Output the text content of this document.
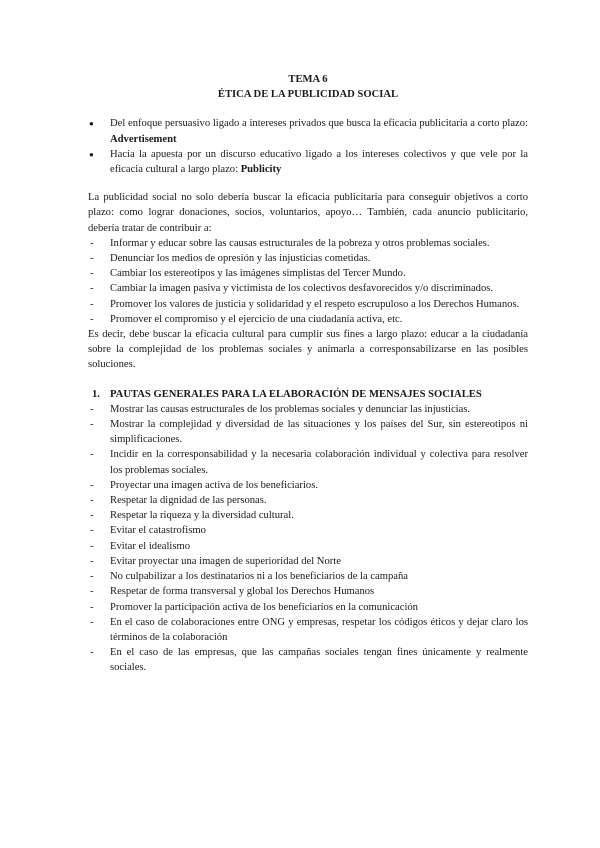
TEMA 6
ÉTICA DE LA PUBLICIDAD SOCIAL
● Del enfoque persuasivo ligado a intereses privados que busca la eficacia publicitaria a corto plazo: Advertisement
● Hacia la apuesta por un discurso educativo ligado a los intereses colectivos y que vele por la eficacia cultural a largo plazo: Publicity

La publicidad social no solo debería buscar la eficacia publicitaria para conseguir objetivos a corto plazo: como lograr donaciones, socios, voluntarios, apoyo… También, cada anuncio publicitario, debería tratar de contribuir a:

- Informar y educar sobre las causas estructurales de la pobreza y otros problemas sociales.
- Denunciar los medios de opresión y las injusticias cometidas.
- Cambiar los estereotipos y las imágenes simplistas del Tercer Mundo.
- Cambiar la imagen pasiva y victimista de los colectivos desfavorecidos y/o discriminados.
- Promover los valores de justicia y solidaridad y el respeto escrupuloso a los Derechos Humanos.
- Promover el compromiso y el ejercicio de una ciudadanía activa, etc.

Es decir, debe buscar la eficacia cultural para cumplir sus fines a largo plazo: educar a la ciudadanía sobre la complejidad de los problemas sociales y animarla a corresponsabilizarse en las posibles soluciones.

1. PAUTAS GENERALES PARA LA ELABORACIÓN DE MENSAJES SOCIALES
- Mostrar las causas estructurales de los problemas sociales y denunciar las injusticias.
- Mostrar la complejidad y diversidad de las situaciones y los países del Sur, sin estereotipos ni simplificaciones.
- Incidir en la corresponsabilidad y la necesaria colaboración individual y colectiva para resolver los problemas sociales.
- Proyectar una imagen activa de los beneficiarios.
- Respetar la dignidad de las personas.
- Respetar la riqueza y la diversidad cultural.
- Evitar el catastrofismo
- Evitar el idealismo
- Evitar proyectar una imagen de superioridad del Norte
- No culpabilizar a los destinatarios ni a los beneficiarios de la campaña
- Respetar de forma transversal y global los Derechos Humanos
- Promover la participación activa de los beneficiarios en la comunicación
- En el caso de colaboraciones entre ONG y empresas, respetar los códigos éticos y dejar claro los términos de la colaboración
- En el caso de las empresas, que las campañas sociales tengan fines únicamente y realmente sociales.
